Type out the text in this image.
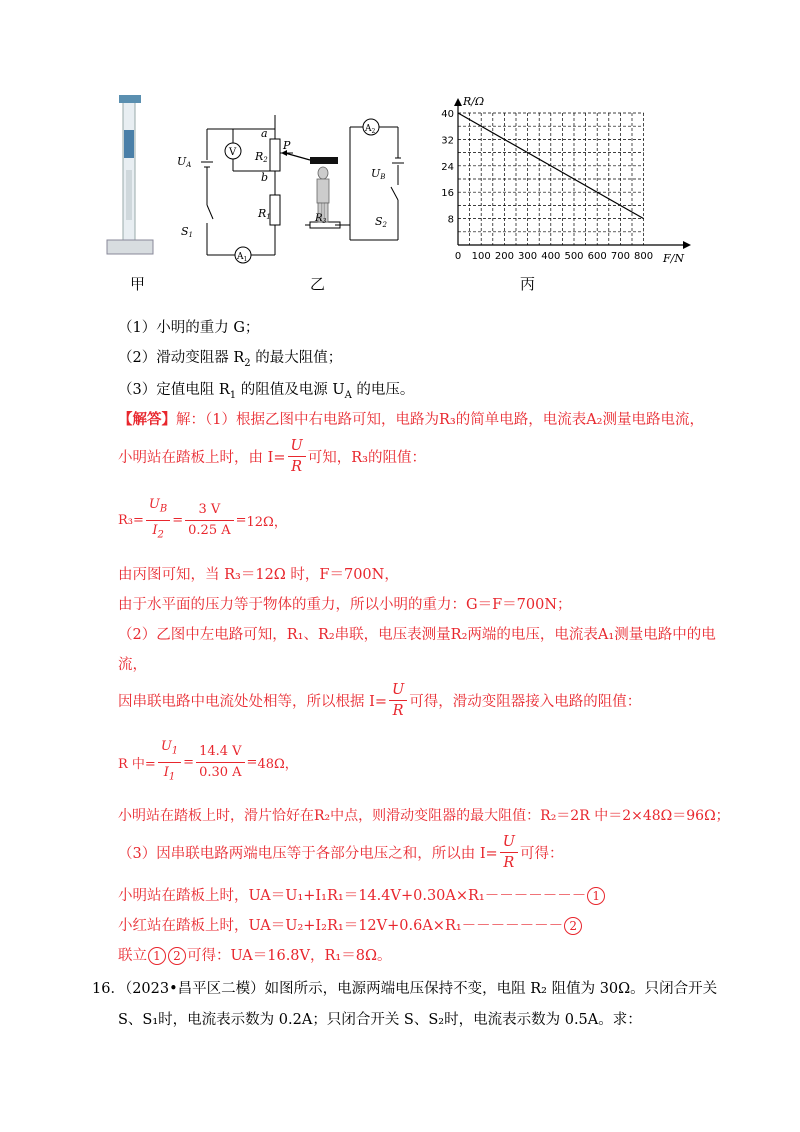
甲
UA
S1
V
$A_1$
$A_2$
a
b
P
R2
R1	$R_3$
UB
S2
乙
0 100 200 300 400 500 600 700 800
8
16
24
32
40
R/Ω
F/N
丙
（1）小明的重力 G；
（2）滑动变阻器 $R_2$ 的最大阻值；
（3）定值电阻 $R_1$ 的阻值及电源 $U_A$ 的电压。
【解答】解：（1）根据乙图中右电路可知，电路为R₃的简单电路，电流表A₂测量电路电流，
小明站在踏板上时，由 $I= \frac{U}{R}$ 可知，R₃的阻值：
$R_3= \frac{U_B}{I_2} = \frac{3 V}{0.25 A} = 12\Omega$，
由丙图可知，当 R₃＝12Ω 时，F＝700N，
由于水平面的压力等于物体的重力，所以小明的重力：G＝F＝700N；
（2）乙图中左电路可知，R₁、R₂串联，电压表测量R₂两端的电压，电流表A₁测量电路中的电
流，
因串联电路中电流处处相等，所以根据 $I= \frac{U}{R}$ 可得，滑动变阻器接入电路的阻值：
R 中= $\frac{U_1}{I_1} = \frac{14.4 V}{0.30 A} = 48\Omega$，
小明站在踏板上时，滑片恰好在R₂中点，则滑动变阻器的最大阻值：R₂＝2R 中＝2×48Ω＝96Ω；
（3）因串联电路两端电压等于各部分电压之和，所以由 $I= \frac{U}{R}$ 可得：
小明站在踏板上时，UA＝U₁+I₁R₁＝14.4V+0.30A×R₁－－－－－－－ 1
小红站在踏板上时，UA＝U₂+I₂R₁＝12V+0.6A×R₁－－－－－－－ 2
联立 1 2 可得：UA＝16.8V，R₁＝8Ω。
16．（2023•昌平区二模）如图所示，电源两端电压保持不变，电阻 R₂ 阻值为 30Ω。只闭合开关
S、S₁时，电流表示数为 0.2A；只闭合开关 S、S₂时，电流表示数为 0.5A。求：
